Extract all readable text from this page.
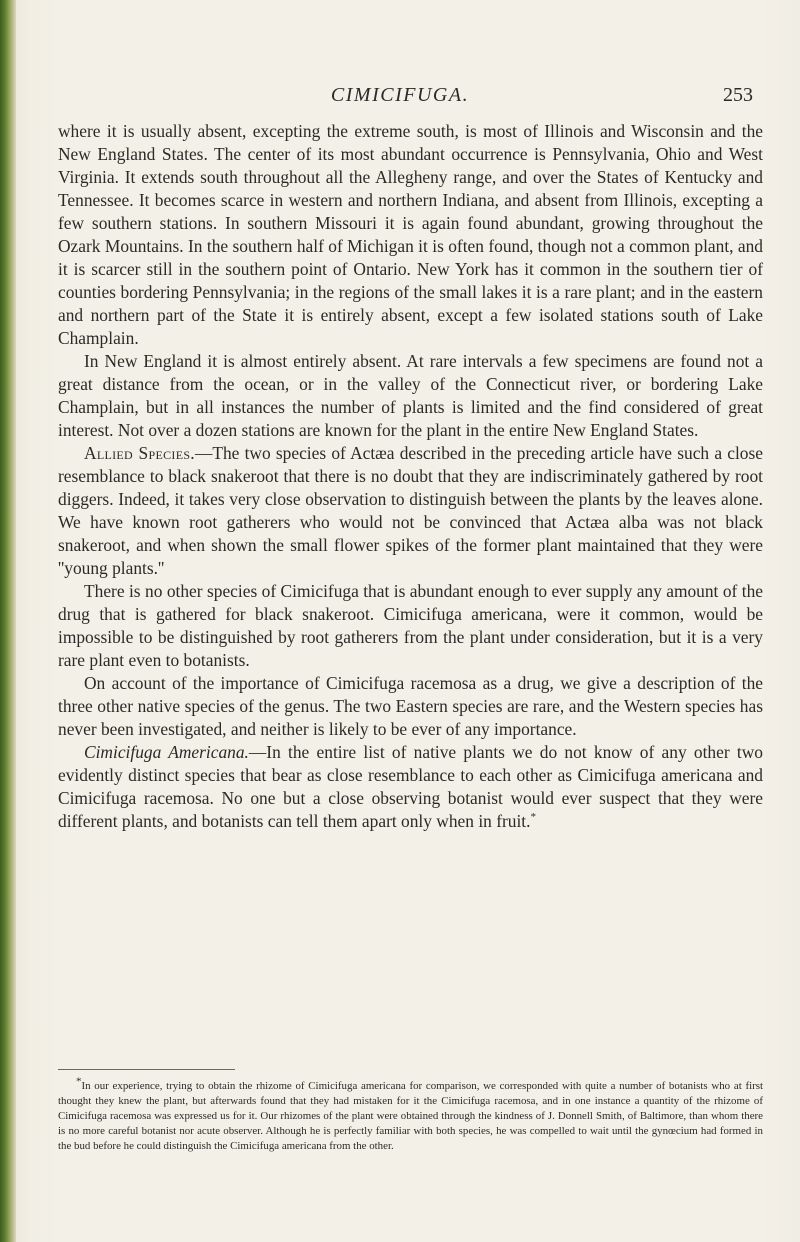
CIMICIFUGA.	253

where it is usually absent, excepting the extreme south, is most of Illinois and Wisconsin and the New England States. The center of its most abundant occurrence is Pennsylvania, Ohio and West Virginia. It extends south throughout all the Allegheny range, and over the States of Kentucky and Tennessee. It becomes scarce in western and northern Indiana, and absent from Illinois, excepting a few southern stations. In southern Missouri it is again found abundant, growing throughout the Ozark Mountains. In the southern half of Michigan it is often found, though not a common plant, and it is scarcer still in the southern point of Ontario. New York has it common in the southern tier of counties bordering Pennsylvania; in the regions of the small lakes it is a rare plant; and in the eastern and northern part of the State it is entirely absent, except a few isolated stations south of Lake Champlain.

In New England it is almost entirely absent. At rare intervals a few specimens are found not a great distance from the ocean, or in the valley of the Connecticut river, or bordering Lake Champlain, but in all instances the number of plants is limited and the find considered of great interest. Not over a dozen stations are known for the plant in the entire New England States.

Allied Species.—The two species of Actæa described in the preceding article have such a close resemblance to black snakeroot that there is no doubt that they are indiscriminately gathered by root diggers. Indeed, it takes very close observation to distinguish between the plants by the leaves alone. We have known root gatherers who would not be convinced that Actæa alba was not black snakeroot, and when shown the small flower spikes of the former plant maintained that they were ''young plants.''

There is no other species of Cimicifuga that is abundant enough to ever supply any amount of the drug that is gathered for black snakeroot. Cimicifuga americana, were it common, would be impossible to be distinguished by root gatherers from the plant under consideration, but it is a very rare plant even to botanists.

On account of the importance of Cimicifuga racemosa as a drug, we give a description of the three other native species of the genus. The two Eastern species are rare, and the Western species has never been investigated, and neither is likely to be ever of any importance.

Cimicifuga Americana.—In the entire list of native plants we do not know of any other two evidently distinct species that bear as close resemblance to each other as Cimicifuga americana and Cimicifuga racemosa. No one but a close observing botanist would ever suspect that they were different plants, and botanists can tell them apart only when in fruit.*

*In our experience, trying to obtain the rhizome of Cimicifuga americana for comparison, we corresponded with quite a number of botanists who at first thought they knew the plant, but afterwards found that they had mistaken for it the Cimicifuga racemosa, and in one instance a quantity of the rhizome of Cimicifuga racemosa was expressed us for it. Our rhizomes of the plant were obtained through the kindness of J. Donnell Smith, of Baltimore, than whom there is no more careful botanist nor acute observer. Although he is perfectly familiar with both species, he was compelled to wait until the gynœcium had formed in the bud before he could distinguish the Cimicifuga americana from the other.
